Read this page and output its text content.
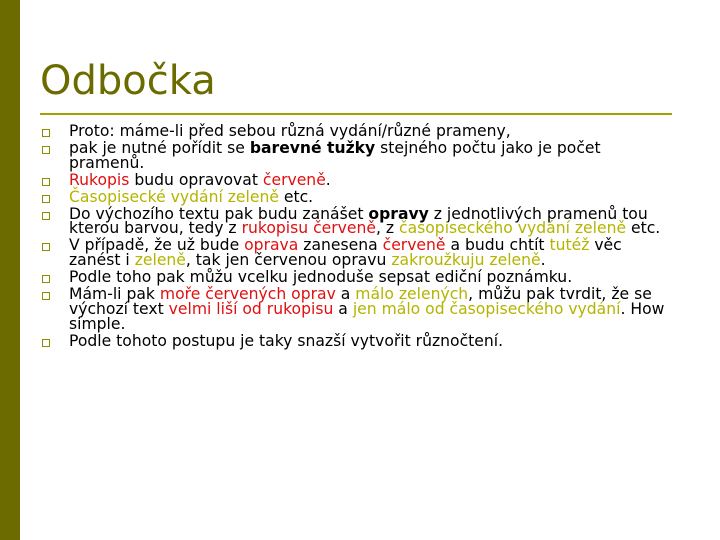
Odbočka
Proto: máme-li před sebou různá vydání/různé prameny,
pak je nutné pořídit se barevné tužky stejného počtu jako je počet pramenů.
Rukopis budu opravovat červeně.
Časopisecké vydání zeleně etc.
Do výchozího textu pak budu zanášet opravy z jednotlivých pramenů tou kterou barvou, tedy z rukopisu červeně, z časopiseckého vydání zeleně etc.
V případě, že už bude oprava zanesena červeně a budu chtít tutéž věc zanést i zeleně, tak jen červenou opravu zakroužkuju zeleně.
Podle toho pak můžu vcelku jednoduše sepsat ediční poznámku.
Mám-li pak moře červených oprav a málo zelených, můžu pak tvrdit, že se výchozí text velmi liší od rukopisu a jen málo od časopiseckého vydání. How simple.
Podle tohoto postupu je taky snazší vytvořit různočtení.
